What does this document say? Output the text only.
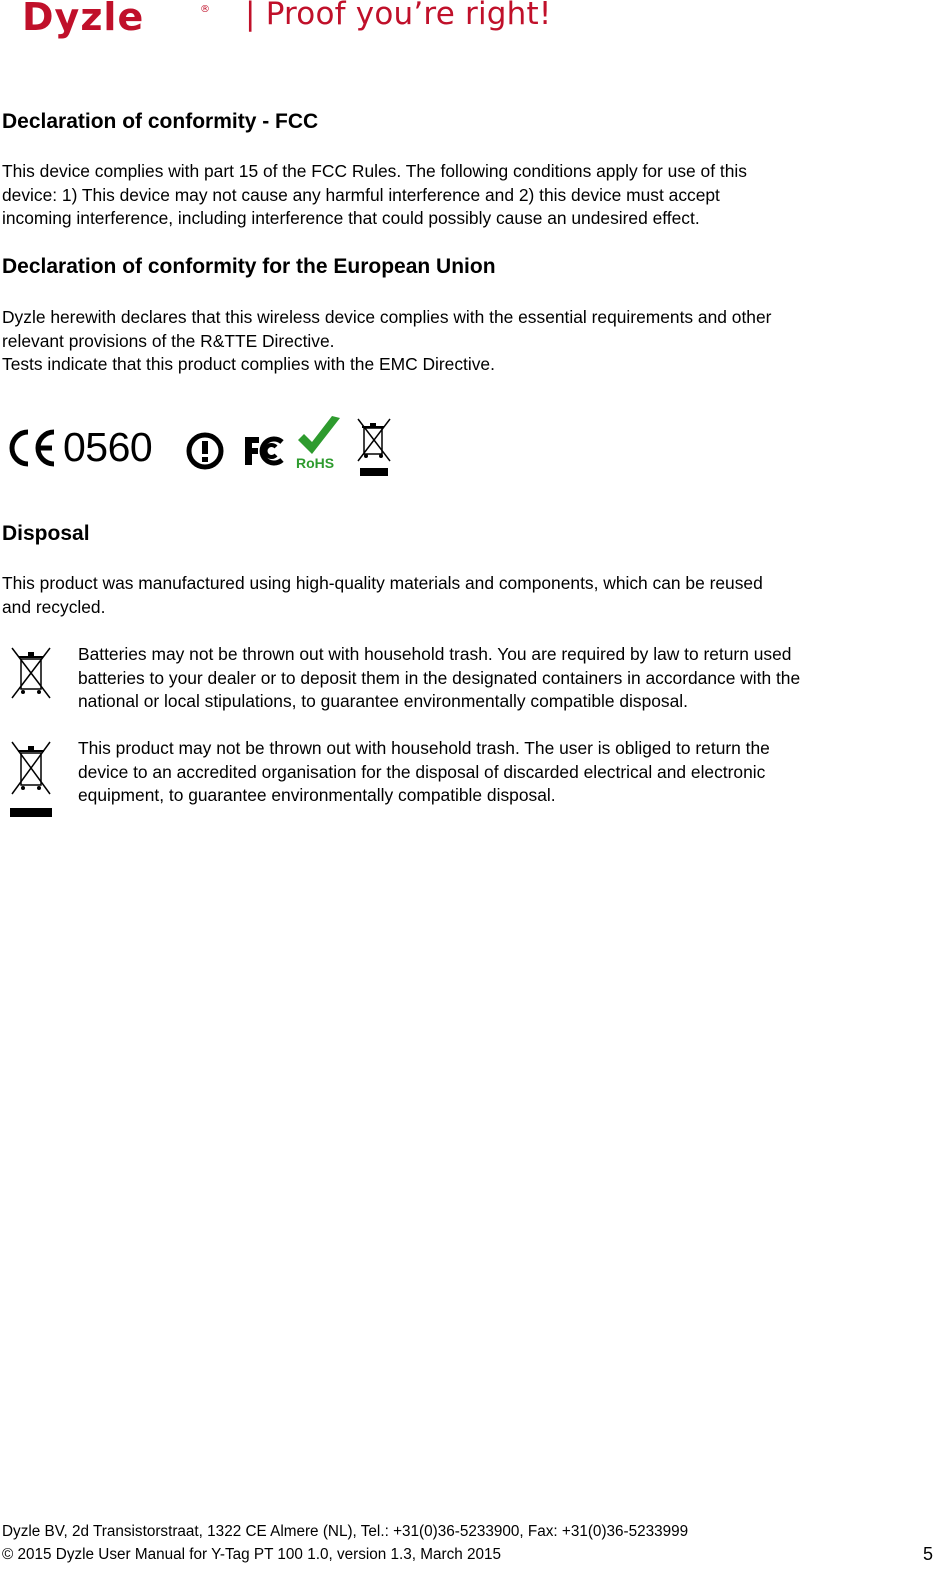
Dyzle	® | Proof you’re right!
Declaration of conformity - FCC

This device complies with part 15 of the FCC Rules. The following conditions apply for use of this
device: 1) This device may not cause any harmful interference and 2) this device must accept
incoming interference, including interference that could possibly cause an undesired effect.

Declaration of conformity for the European Union

Dyzle herewith declares that this wireless device complies with the essential requirements and other
relevant provisions of the R&TTE Directive.
Tests indicate that this product complies with the EMC Directive.

0560	RoHS
Disposal

This product was manufactured using high-quality materials and components, which can be reused
and recycled.

Batteries may not be thrown out with household trash. You are required by law to return used
batteries to your dealer or to deposit them in the designated containers in accordance with the
national or local stipulations, to guarantee environmentally compatible disposal.

This product may not be thrown out with household trash. The user is obliged to return the
device to an accredited organisation for the disposal of discarded electrical and electronic
equipment, to guarantee environmentally compatible disposal.

Dyzle BV, 2d Transistorstraat, 1322 CE Almere (NL), Tel.: +31(0)36-5233900, Fax: +31(0)36-5233999
© 2015 Dyzle User Manual for Y-Tag PT 100 1.0, version 1.3, March 2015	5
